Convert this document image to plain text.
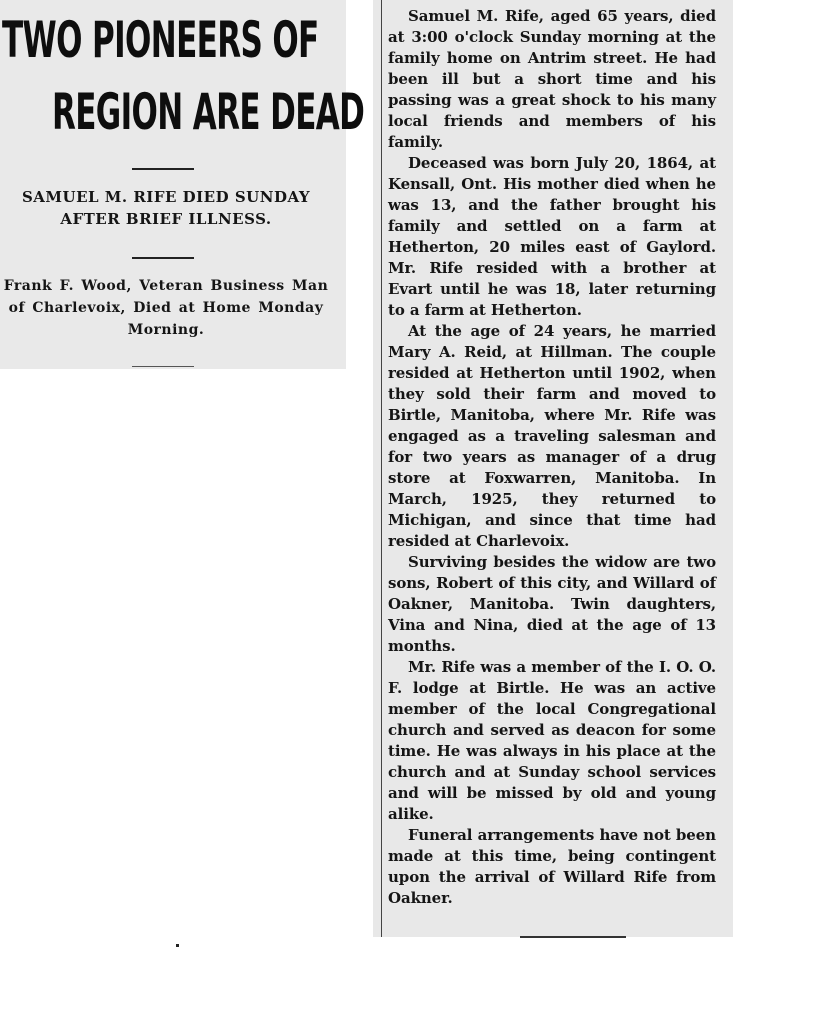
TWO PIONEERS OF
REGION ARE DEAD
SAMUEL M. RIFE DIED SUNDAY AFTER BRIEF ILLNESS.
Frank F. Wood, Veteran Business Man of Charlevoix, Died at Home Monday Morning.

Samuel M. Rife, aged 65 years, died at 3:00 o'clock Sunday morning at the family home on Antrim street. He had been ill but a short time and his passing was a great shock to his many local friends and members of his family.

Deceased was born July 20, 1864, at Kensall, Ont. His mother died when he was 13, and the father brought his family and settled on a farm at Hetherton, 20 miles east of Gaylord. Mr. Rife resided with a brother at Evart until he was 18, later returning to a farm at Hetherton.

At the age of 24 years, he married Mary A. Reid, at Hillman. The couple resided at Hetherton until 1902, when they sold their farm and moved to Birtle, Manitoba, where Mr. Rife was engaged as a traveling salesman and for two years as manager of a drug store at Foxwarren, Manitoba. In March, 1925, they returned to Michigan, and since that time had resided at Charlevoix.

Surviving besides the widow are two sons, Robert of this city, and Willard of Oakner, Manitoba. Twin daughters, Vina and Nina, died at the age of 13 months.

Mr. Rife was a member of the I. O. O. F. lodge at Birtle. He was an active member of the local Congregational church and served as deacon for some time. He was always in his place at the church and at Sunday school services and will be missed by old and young alike.

Funeral arrangements have not been made at this time, being contingent upon the arrival of Willard Rife from Oakner.
